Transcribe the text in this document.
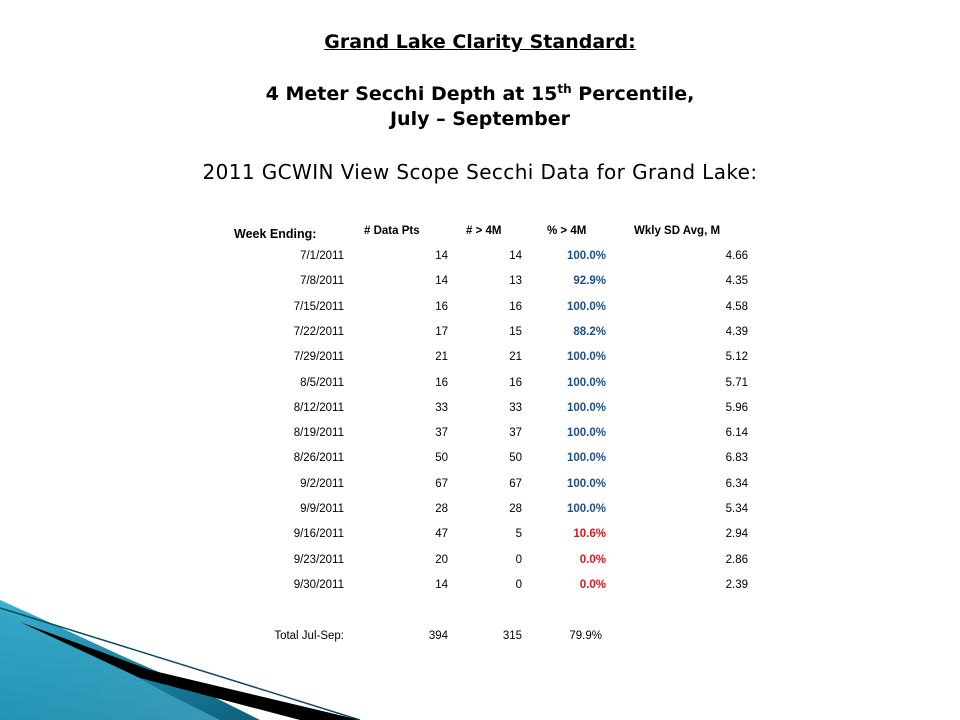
Grand Lake Clarity Standard:
4 Meter Secchi Depth at 15th Percentile,
July – September
2011 GCWIN View Scope Secchi Data for Grand Lake:
Week Ending:	# Data Pts	# > 4M	% > 4M	Wkly SD Avg, M
7/1/2011	14	14	100.0%	4.66
7/8/2011	14	13	92.9%	4.35
7/15/2011	16	16	100.0%	4.58
7/22/2011	17	15	88.2%	4.39
7/29/2011	21	21	100.0%	5.12
8/5/2011	16	16	100.0%	5.71
8/12/2011	33	33	100.0%	5.96
8/19/2011	37	37	100.0%	6.14
8/26/2011	50	50	100.0%	6.83
9/2/2011	67	67	100.0%	6.34
9/9/2011	28	28	100.0%	5.34
9/16/2011	47	5	10.6%	2.94
9/23/2011	20	0	0.0%	2.86
9/30/2011	14	0	0.0%	2.39
Total Jul-Sep:	394	315	79.9%
